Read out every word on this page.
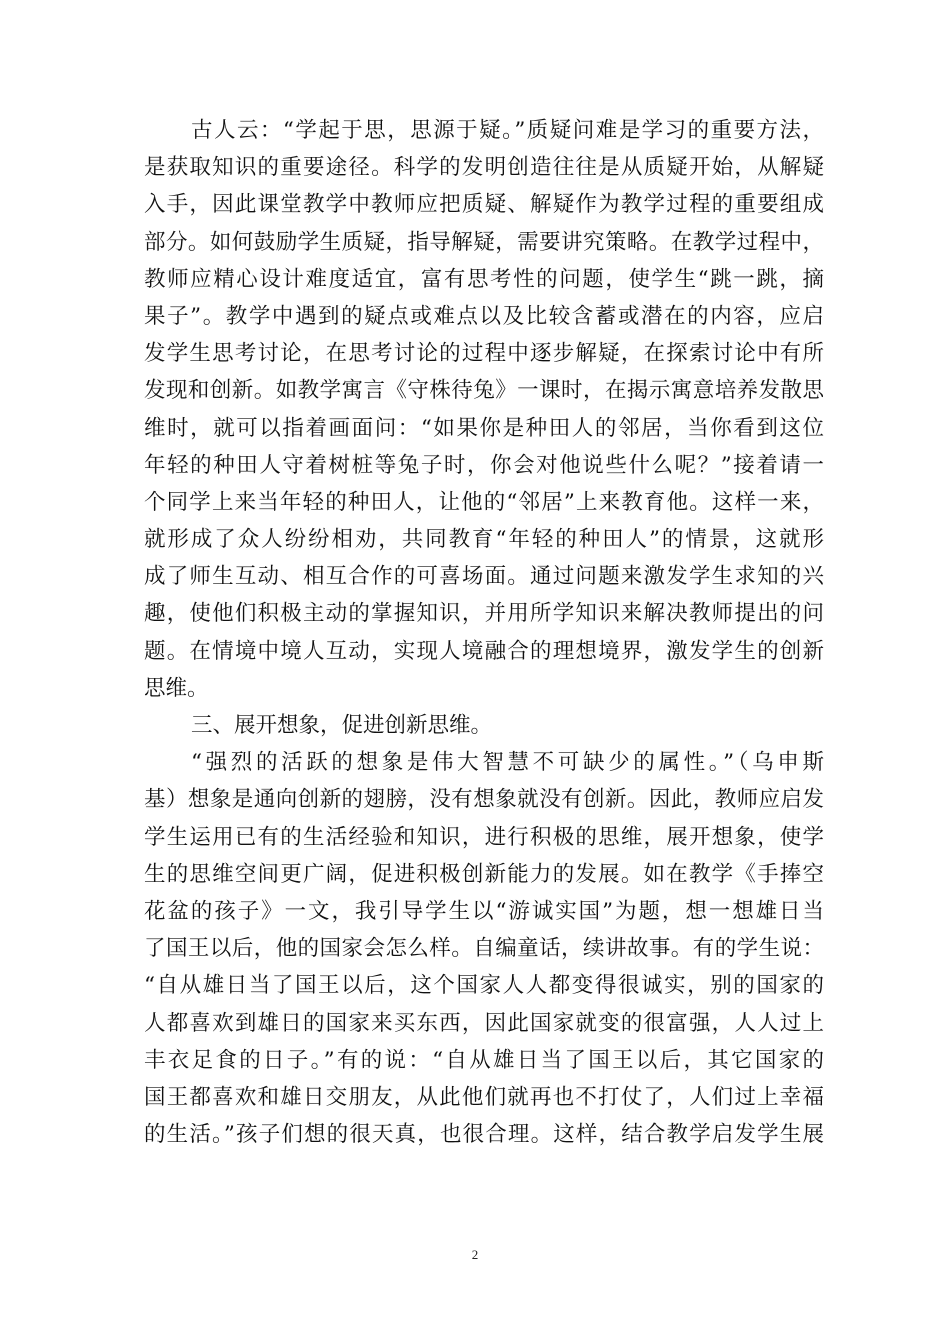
古人云：“学起于思，思源于疑。”质疑问难是学习的重要方法，
是获取知识的重要途径。科学的发明创造往往是从质疑开始，从解疑
入手，因此课堂教学中教师应把质疑、解疑作为教学过程的重要组成
部分。如何鼓励学生质疑，指导解疑，需要讲究策略。在教学过程中，
教师应精心设计难度适宜，富有思考性的问题，使学生“跳一跳，摘
果子”。教学中遇到的疑点或难点以及比较含蓄或潜在的内容，应启
发学生思考讨论，在思考讨论的过程中逐步解疑，在探索讨论中有所
发现和创新。如教学寓言《守株待兔》一课时，在揭示寓意培养发散思
维时，就可以指着画面问：“如果你是种田人的邻居，当你看到这位
年轻的种田人守着树桩等兔子时，你会对他说些什么呢？”接着请一
个同学上来当年轻的种田人，让他的“邻居”上来教育他。这样一来，
就形成了众人纷纷相劝，共同教育“年轻的种田人”的情景，这就形
成了师生互动、相互合作的可喜场面。通过问题来激发学生求知的兴
趣，使他们积极主动的掌握知识，并用所学知识来解决教师提出的问
题。在情境中境人互动，实现人境融合的理想境界，激发学生的创新
思维。
三、展开想象，促进创新思维。
“强烈的活跃的想象是伟大智慧不可缺少的属性。”（乌申斯
基）想象是通向创新的翅膀，没有想象就没有创新。因此，教师应启发
学生运用已有的生活经验和知识，进行积极的思维，展开想象，使学
生的思维空间更广阔，促进积极创新能力的发展。如在教学《手捧空
花盆的孩子》一文，我引导学生以“游诚实国”为题，想一想雄日当
了国王以后，他的国家会怎么样。自编童话，续讲故事。有的学生说：
“自从雄日当了国王以后，这个国家人人都变得很诚实，别的国家的
人都喜欢到雄日的国家来买东西，因此国家就变的很富强，人人过上
丰衣足食的日子。”有的说：“自从雄日当了国王以后，其它国家的
国王都喜欢和雄日交朋友，从此他们就再也不打仗了，人们过上幸福
的生活。”孩子们想的很天真，也很合理。这样，结合教学启发学生展
2
